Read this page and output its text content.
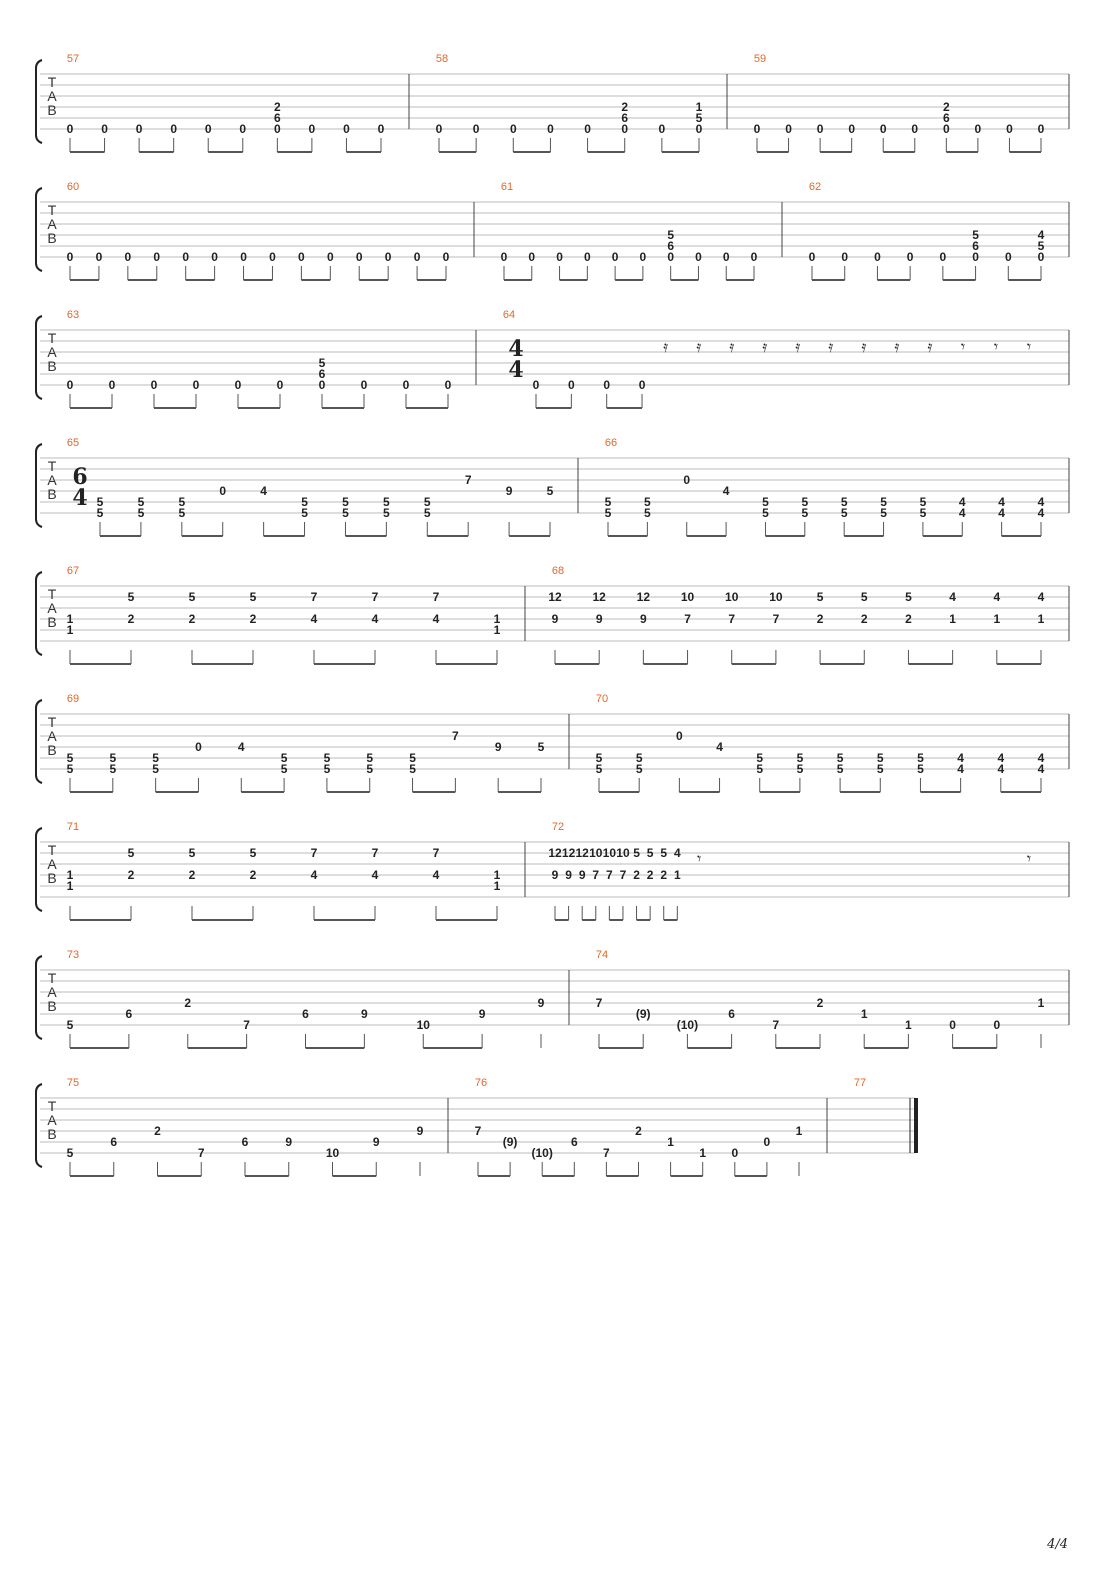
T
A
B
57
0 0 0 0 0 0 0
2
6
0 0 0
58
0	0	0	0	0	0
2
6
0	0
1
5
59
0 0 0 0 0 0 0
2
6
0 0 0
T
A
B
60
0 0 0 0 0 0 0 0 0 0 0 0 0 0
61
0 0 0 0 0 0 0
5
6
0 0 0
62
0 0 0 0 0 0
5
6
0 0
4
5
T
A
B
63
0	0	0	0	0	0	0
5
6
0	0	0
64
4
4
0 0 0 0
𝄿 𝄿 𝄿 𝄿 𝄿 𝄿 𝄿 𝄿 𝄿 𝄾 𝄾 𝄾
T
A
B
65
6
4 5
5
5
5
5
5
0	4
5
5
5
5
5
5
5
5
7
9	5
66
5
5
5
5
0
4
5
5
5
5
5
5
5
5
5
5
4
4
4
4
4
4
T
A
B
67
1
1
5
2
5
2
5
2
7
4
7
4
7
4	1
1
68
12
9
12
9
12
9
10
7
10
7
10
7
5
2
5
2
5
2
4
1
4
1
4
1
T
A
B
69
5
5
5
5
5
5
0	4
5
5
5
5
5
5
5
5
7
9	5
70
5
5
5
5
0
4
5
5
5
5
5
5
5
5
5
5
4
4
4
4
4
4
T
A
B
71
1
1
5
2
5
2
5
2
7
4
7
4
7
4	1
1
72
12
9
12
9
12
9
10
7
10
7
10
7
5
2
5
2
5
2
4
1
𝄾	𝄾
T
A
B
73
5
6
2
7
6	9
10
9
9
74
7
(9)
(10)
6
7
2
1
1	0	0
1
T
A
B
75
5
6
2
7
6	9
10
9
9
76
7
(9)
(10)
6
7
2
1
1 0
0
1
77
4/4
